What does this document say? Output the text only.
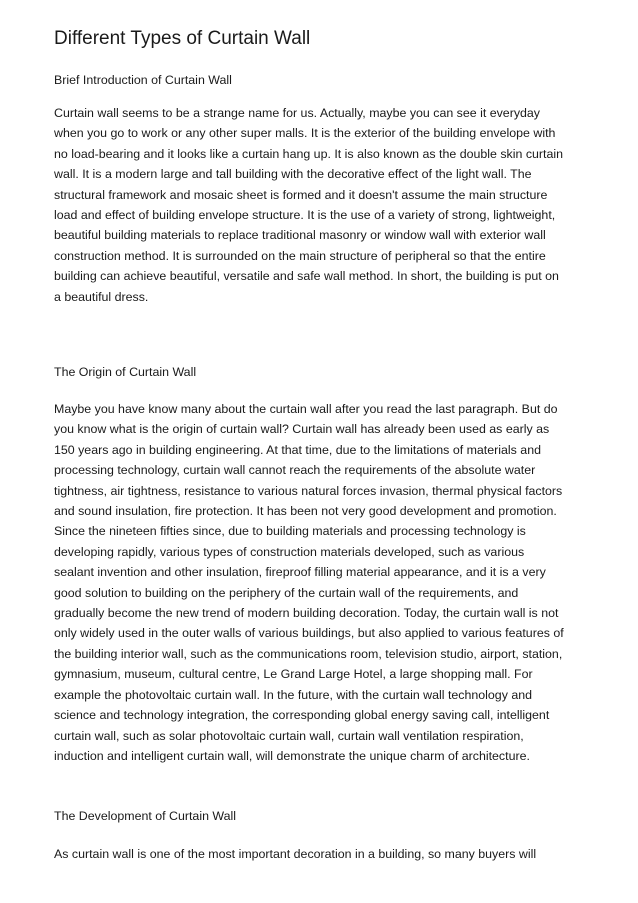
Different Types of Curtain Wall
Brief Introduction of Curtain Wall
Curtain wall seems to be a strange name for us. Actually, maybe you can see it everyday
when you go to work or any other super malls. It is the exterior of the building envelope with
no load-bearing and it looks like a curtain hang up. It is also known as the double skin curtain
wall. It is a modern large and tall building with the decorative effect of the light wall. The
structural framework and mosaic sheet is formed and it doesn't assume the main structure
load and effect of building envelope structure. It is the use of a variety of strong, lightweight,
beautiful building materials to replace traditional masonry or window wall with exterior wall
construction method. It is surrounded on the main structure of peripheral so that the entire
building can achieve beautiful, versatile and safe wall method. In short, the building is put on
a beautiful dress.
The Origin of Curtain Wall
Maybe you have know many about the curtain wall after you read the last paragraph. But do
you know what is the origin of curtain wall? Curtain wall has already been used as early as
150 years ago in building engineering. At that time, due to the limitations of materials and
processing technology, curtain wall cannot reach the requirements of the absolute water
tightness, air tightness, resistance to various natural forces invasion, thermal physical factors
and sound insulation, fire protection. It has been not very good development and promotion.
Since the nineteen fifties since, due to building materials and processing technology is
developing rapidly, various types of construction materials developed, such as various
sealant invention and other insulation, fireproof filling material appearance, and it is a very
good solution to building on the periphery of the curtain wall of the requirements, and
gradually become the new trend of modern building decoration. Today, the curtain wall is not
only widely used in the outer walls of various buildings, but also applied to various features of
the building interior wall, such as the communications room, television studio, airport, station,
gymnasium, museum, cultural centre, Le Grand Large Hotel, a large shopping mall. For
example the photovoltaic curtain wall. In the future, with the curtain wall technology and
science and technology integration, the corresponding global energy saving call, intelligent
curtain wall, such as solar photovoltaic curtain wall, curtain wall ventilation respiration,
induction and intelligent curtain wall, will demonstrate the unique charm of architecture.
The Development of Curtain Wall
As curtain wall is one of the most important decoration in a building, so many buyers will
